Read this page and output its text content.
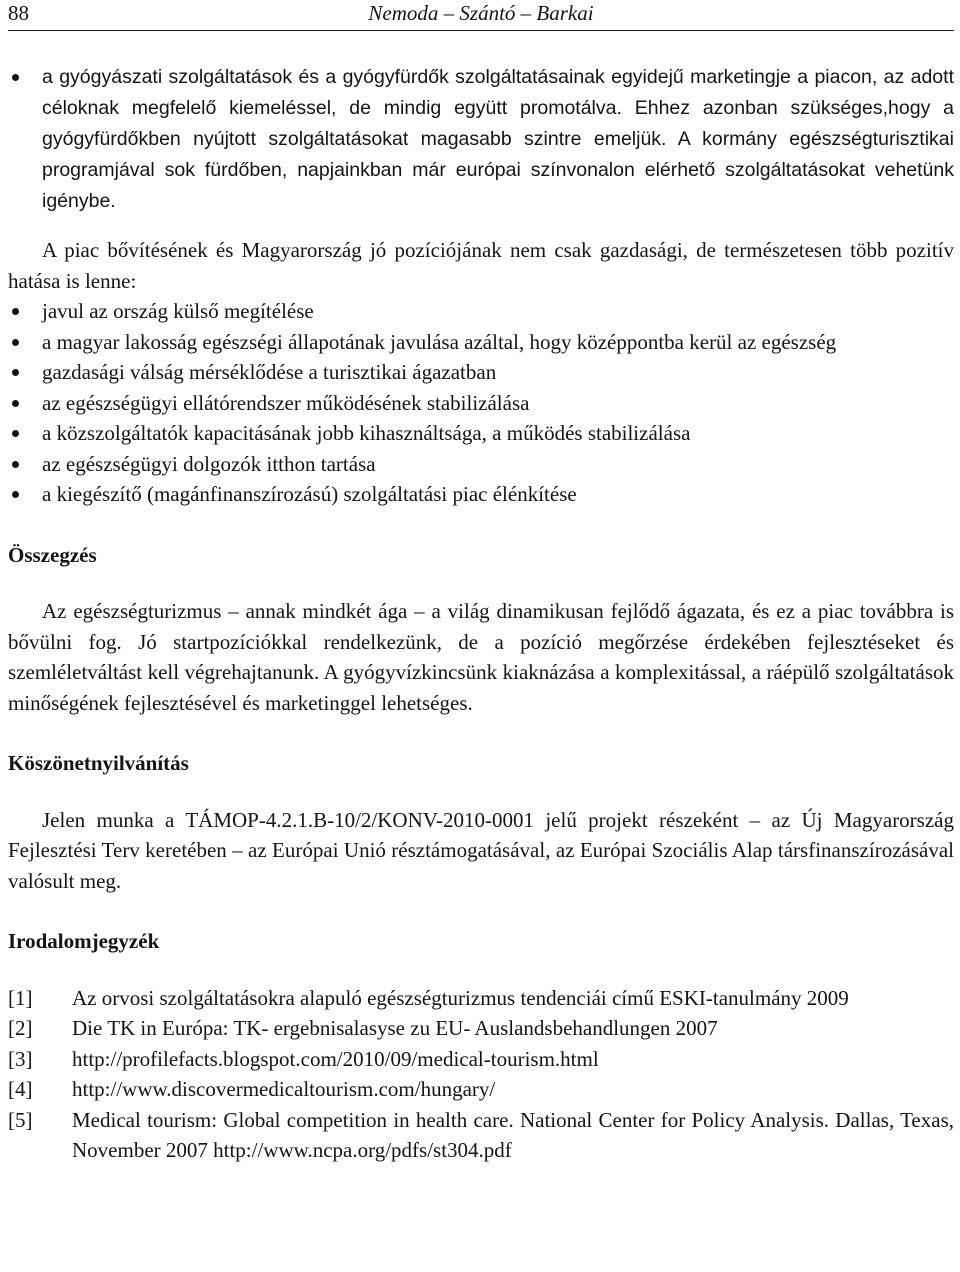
88	Nemoda – Szántó – Barkai
a gyógyászati szolgáltatások és a gyógyfürdők szolgáltatásainak egyidejű marketingje a piacon, az adott céloknak megfelelő kiemeléssel, de mindig együtt promotálva. Ehhez azonban szükséges,hogy a gyógyfürdőkben nyújtott szolgáltatásokat magasabb szintre emeljük. A kormány egészségturisztikai programjával sok fürdőben, napjainkban már európai színvonalon elérhető szolgáltatásokat vehetünk igénybe.

A piac bővítésének és Magyarország jó pozíciójának nem csak gazdasági, de természetesen több pozitív hatása is lenne:

javul az ország külső megítélése
a magyar lakosság egészségi állapotának javulása azáltal, hogy középpontba kerül az egészség
gazdasági válság mérséklődése a turisztikai ágazatban
az egészségügyi ellátórendszer működésének stabilizálása
a közszolgáltatók kapacitásának jobb kihasználtsága, a működés stabilizálása
az egészségügyi dolgozók itthon tartása
a kiegészítő (magánfinanszírozású) szolgáltatási piac élénkítése
Összegzés

Az egészségturizmus – annak mindkét ága – a világ dinamikusan fejlődő ágazata, és ez a piac továbbra is bővülni fog. Jó startpozíciókkal rendelkezünk, de a pozíció megőrzése érdekében fejlesztéseket és szemléletváltást kell végrehajtanunk. A gyógyvízkincsünk kiaknázása a komplexitással, a ráépülő szolgáltatások minőségének fejlesztésével és marketinggel lehetséges.

Köszönetnyilvánítás

Jelen munka a TÁMOP-4.2.1.B-10/2/KONV-2010-0001 jelű projekt részeként – az Új Magyarország Fejlesztési Terv keretében – az Európai Unió résztámogatásával, az Európai Szociális Alap társfinanszírozásával valósult meg.

Irodalomjegyzék
[1] Az orvosi szolgáltatásokra alapuló egészségturizmus tendenciái című ESKI-tanulmány 2009
[2] Die TK in Európa: TK- ergebnisalasyse zu EU- Auslandsbehandlungen 2007
[3] http://profilefacts.blogspot.com/2010/09/medical-tourism.html
[4] http://www.discovermedicaltourism.com/hungary/
[5] Medical tourism: Global competition in health care. National Center for Policy Analysis. Dallas, Texas, November 2007 http://www.ncpa.org/pdfs/st304.pdf
